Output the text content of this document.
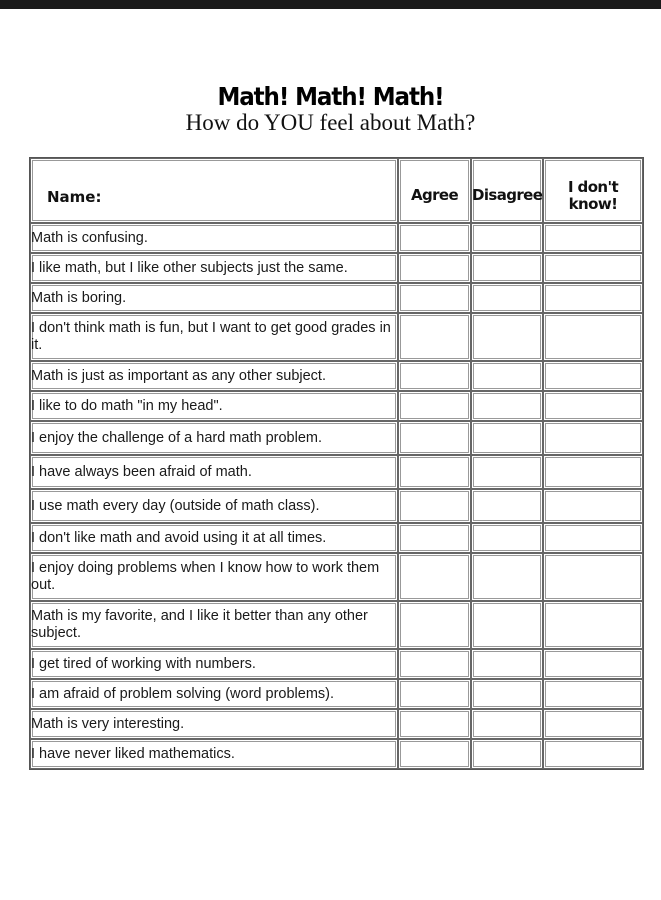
Math! Math! Math!
How do YOU feel about Math?
Name:	Agree	Disagree	I don't know!
Math is confusing.			
I like math, but I like other subjects just the same.			
Math is boring.			
I don't think math is fun, but I want to get good grades in it.			
Math is just as important as any other subject.			
I like to do math "in my head".			
I enjoy the challenge of a hard math problem.			
I have always been afraid of math.			
I use math every day (outside of math class).			
I don't like math and avoid using it at all times.			
I enjoy doing problems when I know how to work them out.			
Math is my favorite, and I like it better than any other subject.			
I get tired of working with numbers.			
I am afraid of problem solving (word problems).			
Math is very interesting.			
I have never liked mathematics.			
